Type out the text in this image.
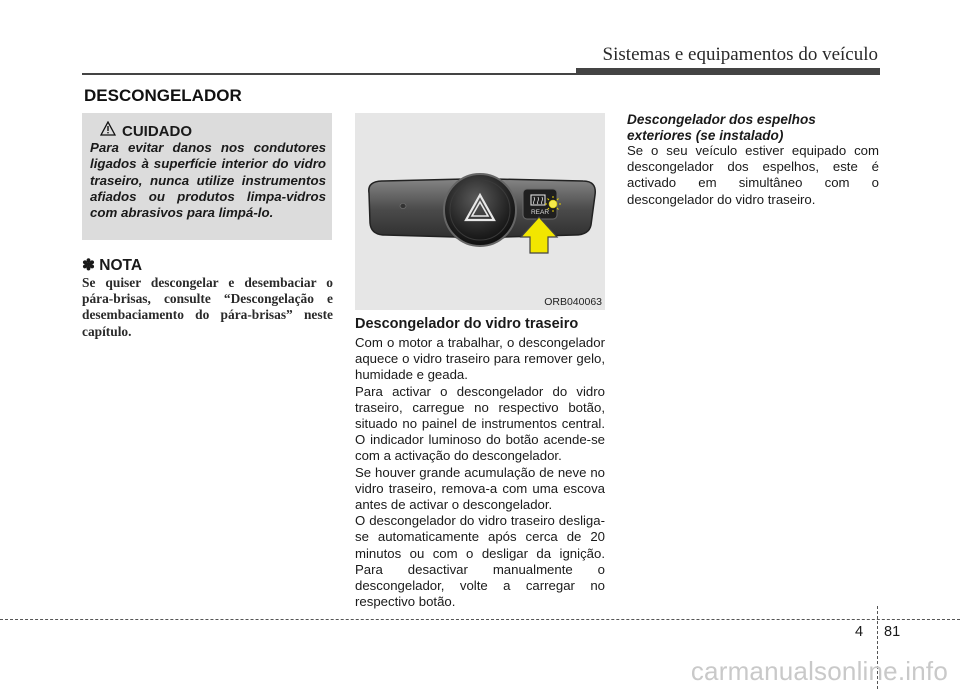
Sistemas e equipamentos do veículo
DESCONGELADOR
CUIDADO
Para evitar danos nos condutores ligados à superfície interior do vidro traseiro, nunca utilize instrumentos afiados ou produtos limpa-vidros com abrasivos para limpá-lo.
✽ NOTA
Se quiser descongelar e desembaciar o pára-brisas, consulte “Descongelação e desembaciamento do pára-brisas” neste capítulo.
REAR
ORB040063
Descongelador do vidro traseiro

Com o motor a trabalhar, o descongelador aquece o vidro traseiro para remover gelo, humidade e geada.

Para activar o descongelador do vidro traseiro, carregue no respectivo botão, situado no painel de instrumentos central. O indicador luminoso do botão acende-se com a activação do descongelador.

Se houver grande acumulação de neve no vidro traseiro, remova-a com uma escova antes de activar o descongelador.

O descongelador do vidro traseiro desliga-se automaticamente após cerca de 20 minutos ou com o desligar da ignição. Para desactivar manualmente o descongelador, volte a carregar no respectivo botão.

Descongelador dos espelhos exteriores (se instalado)
Se o seu veículo estiver equipado com descongelador dos espelhos, este é activado em simultâneo com o descongelador do vidro traseiro.
4 81
carmanualsonline.info
